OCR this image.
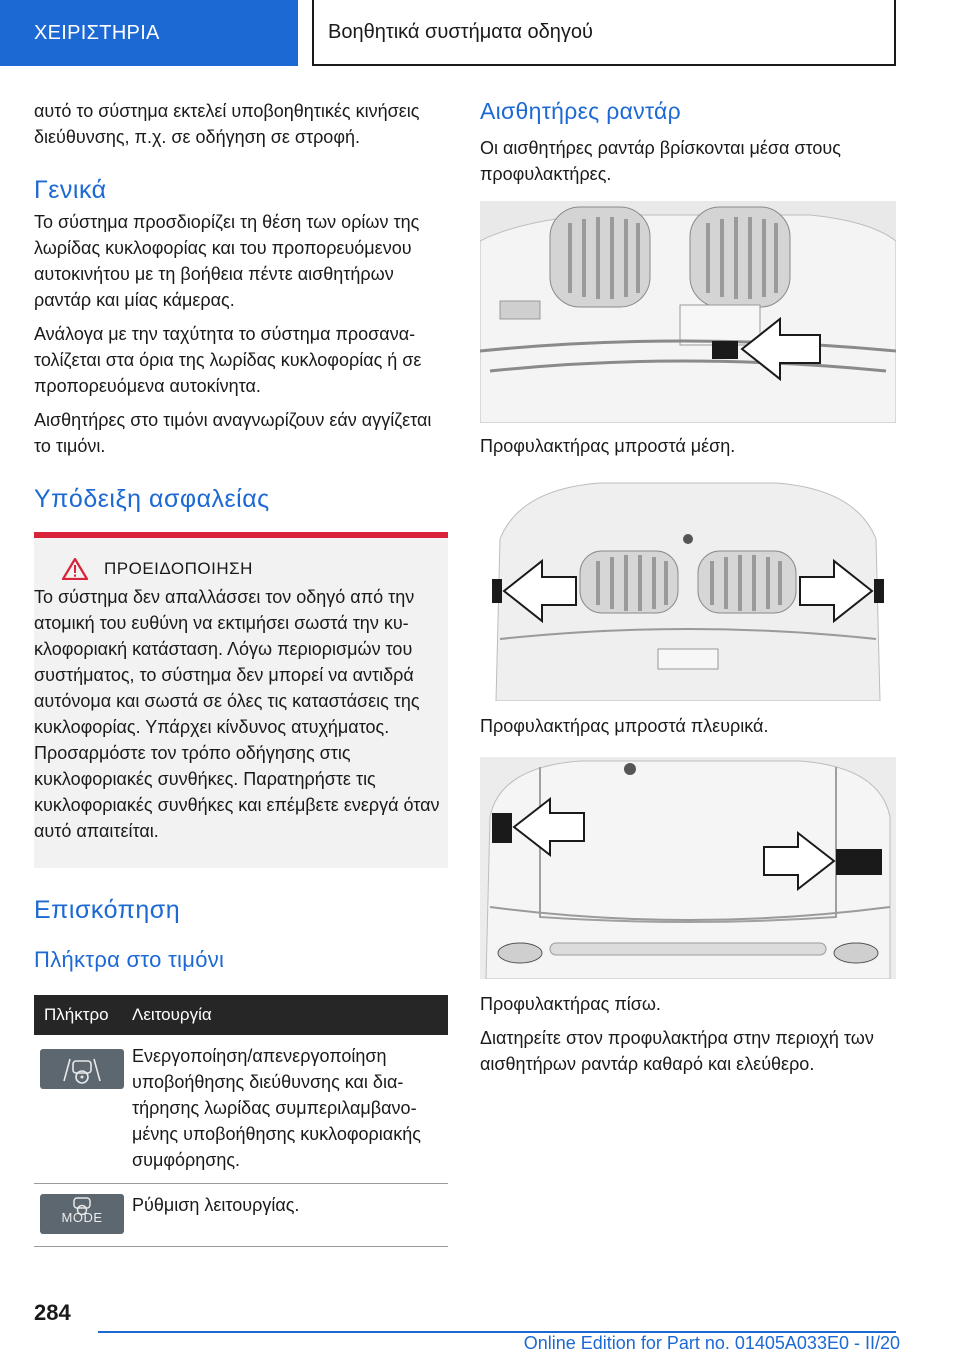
ΧΕΙΡΙΣΤΗΡΙΑ	Βοηθητικά συστήματα οδηγού

αυτό το σύστημα εκτελεί υποβοηθητικές κινήσεις διεύθυνσης, π.χ. σε οδήγηση σε στροφή.

Γενικά

Το σύστημα προσδιορίζει τη θέση των ορίων της λωρίδας κυκλοφορίας και του προπορευόμενου αυτοκινήτου με τη βοήθεια πέντε αισθητήρων ραντάρ και μίας κάμερας.

Ανάλογα με την ταχύτητα το σύστημα προσανατολίζεται στα όρια της λωρίδας κυκλοφορίας ή σε προπορευόμενα αυτοκίνητα.

Αισθητήρες στο τιμόνι αναγνωρίζουν εάν αγγίζεται το τιμόνι.

Υπόδειξη ασφαλείας
ΠΡΟΕΙΔΟΠΟΙΗΣΗ

Το σύστημα δεν απαλλάσσει τον οδηγό από την ατομική του ευθύνη να εκτιμήσει σωστά την κυκλοφοριακή κατάσταση. Λόγω περιορισμών του συστήματος, το σύστημα δεν μπορεί να αντιδρά αυτόνομα και σωστά σε όλες τις καταστάσεις της κυκλοφορίας. Υπάρχει κίνδυνος ατυχήματος. Προσαρμόστε τον τρόπο οδήγησης στις κυκλοφοριακές συνθήκες. Παρατηρήστε τις κυκλοφοριακές συνθήκες και επέμβετε ενεργά όταν αυτό απαιτείται.

Επισκόπηση
Πλήκτρα στο τιμόνι
Πλήκτρο	Λειτουργία

	Ενεργοποίηση/απενεργοποίηση υποβοήθησης διεύθυνσης και διατήρησης λωρίδας συμπεριλαμβανομένης υποβοήθησης κυκλοφοριακής συμφόρησης.

MODE	Ρύθμιση λειτουργίας.
Αισθητήρες ραντάρ

Οι αισθητήρες ραντάρ βρίσκονται μέσα στους προφυλακτήρες.

Προφυλακτήρας μπροστά μέση.
Προφυλακτήρας μπροστά πλευρικά.
Προφυλακτήρας πίσω.

Διατηρείτε στον προφυλακτήρα στην περιοχή των αισθητήρων ραντάρ καθαρό και ελεύθερο.

284
Online Edition for Part no. 01405A033E0 - II/20
